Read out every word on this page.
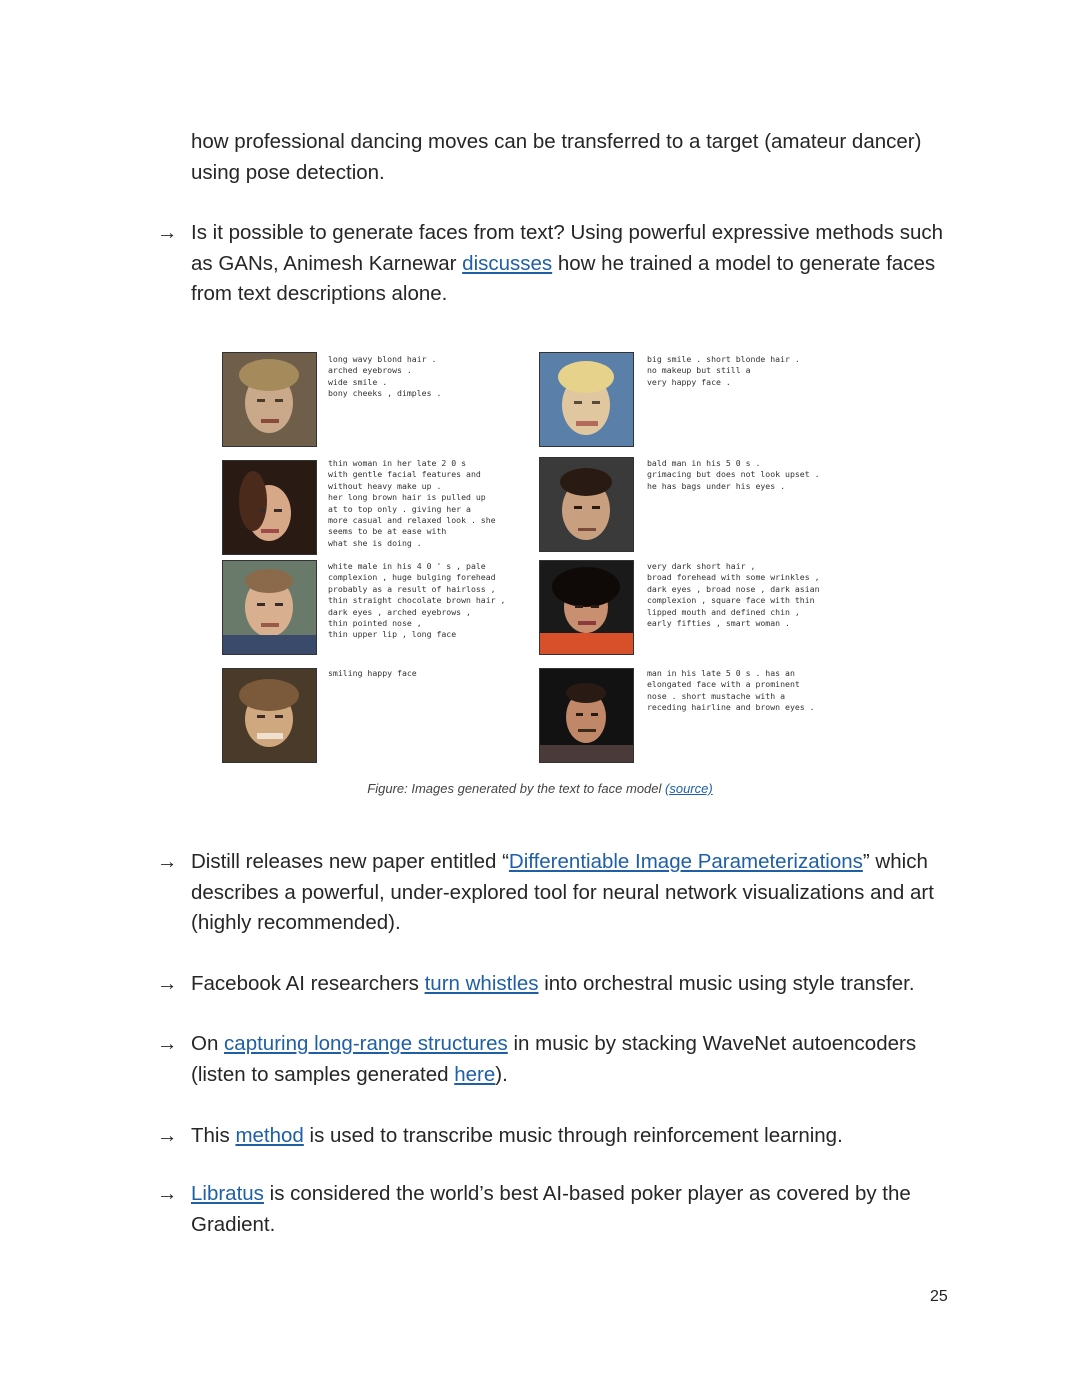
how professional dancing moves can be transferred to a target (amateur dancer) using pose detection.

→ Is it possible to generate faces from text? Using powerful expressive methods such as GANs, Animesh Karnewar discusses how he trained a model to generate faces from text descriptions alone.
long wavy blond hair .
arched eyebrows .
wide smile .
bony cheeks , dimples .
big smile . short blonde hair .
no makeup but still a
very happy face .
thin woman in her late 2 0 s
with gentle facial features and
without heavy make up .
her long brown hair is pulled up
at to top only . giving her a
more casual and relaxed look . she
seems to be at ease with
what she is doing .
bald man in his 5 0 s .
grimacing but does not look upset .
he has bags under his eyes .
white male in his 4 0 ' s , pale
complexion , huge bulging forehead
probably as a result of hairloss ,
thin straight chocolate brown hair ,
dark eyes , arched eyebrows ,
thin pointed nose ,
thin upper lip , long face
very dark short hair ,
broad forehead with some wrinkles ,
dark eyes , broad nose , dark asian
complexion , square face with thin
lipped mouth and defined chin ,
early fifties , smart woman .
smiling happy face	man in his late 5 0 s . has an
elongated face with a prominent
nose . short mustache with a
receding hairline and brown eyes .
Figure: Images generated by the text to face model (source)
→ Distill releases new paper entitled “Differentiable Image Parameterizations” which describes a powerful, under-explored tool for neural network visualizations and art (highly recommended).
→ Facebook AI researchers turn whistles into orchestral music using style transfer.
→ On capturing long-range structures in music by stacking WaveNet autoencoders (listen to samples generated here).
→ This method is used to transcribe music through reinforcement learning.
→ Libratus is considered the world’s best AI-based poker player as covered by the Gradient.
25
